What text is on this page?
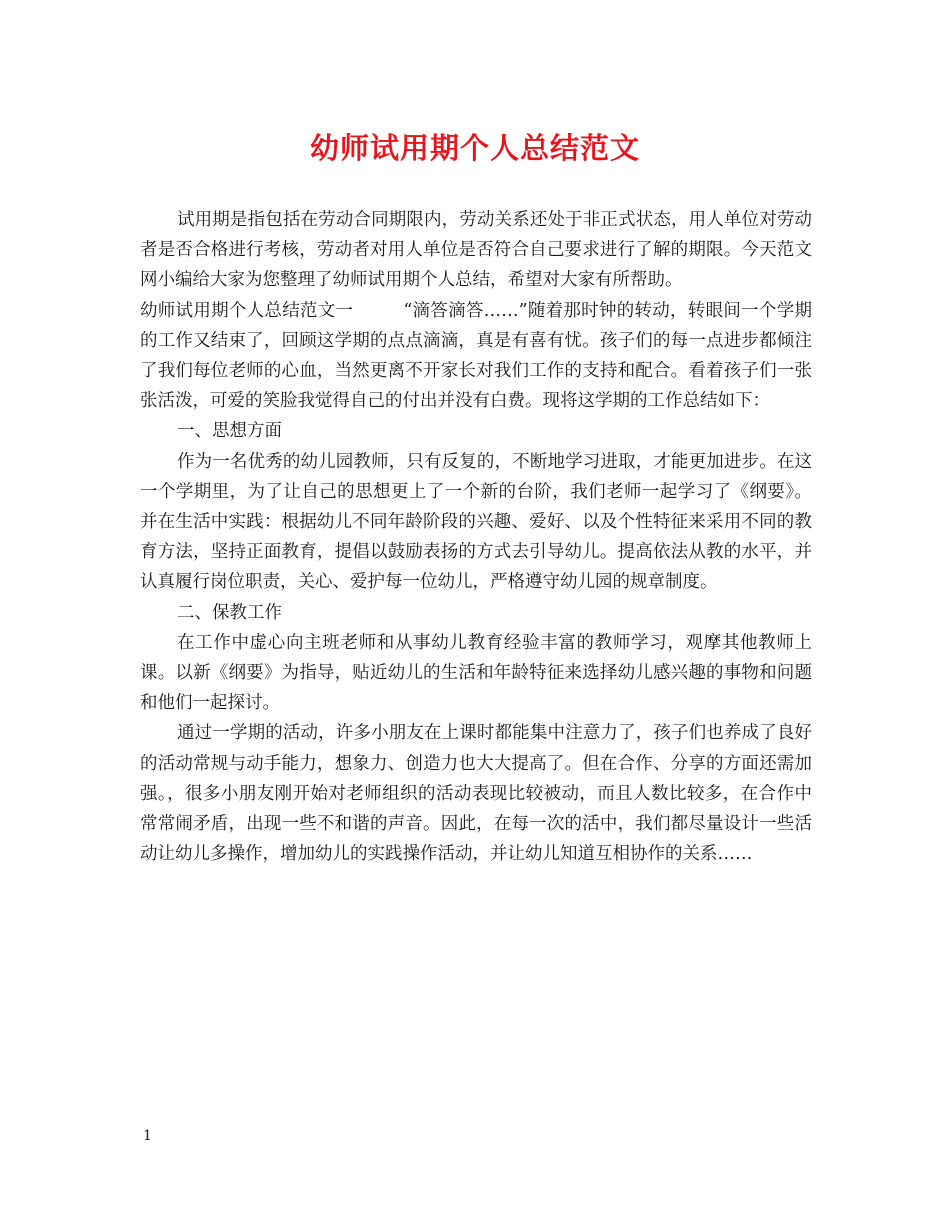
幼师试用期个人总结范文

试用期是指包括在劳动合同期限内，劳动关系还处于非正式状态，用人单位对劳动者是否合格进行考核，劳动者对用人单位是否符合自己要求进行了解的期限。今天范文网小编给大家为您整理了幼师试用期个人总结，希望对大家有所帮助。

幼师试用期个人总结范文一	“滴答滴答……”随着那时钟的转动，转眼间一个学期的工作又结束了，回顾这学期的点点滴滴，真是有喜有忧。孩子们的每一点进步都倾注了我们每位老师的心血，当然更离不开家长对我们工作的支持和配合。看着孩子们一张张活泼，可爱的笑脸我觉得自己的付出并没有白费。现将这学期的工作总结如下：

一、思想方面

作为一名优秀的幼儿园教师，只有反复的，不断地学习进取，才能更加进步。在这一个学期里，为了让自己的思想更上了一个新的台阶，我们老师一起学习了《纲要》。并在生活中实践：根据幼儿不同年龄阶段的兴趣、爱好、以及个性特征来采用不同的教育方法，坚持正面教育，提倡以鼓励表扬的方式去引导幼儿。提高依法从教的水平，并认真履行岗位职责，关心、爱护每一位幼儿，严格遵守幼儿园的规章制度。

二、保教工作

在工作中虚心向主班老师和从事幼儿教育经验丰富的教师学习，观摩其他教师上课。以新《纲要》为指导，贴近幼儿的生活和年龄特征来选择幼儿感兴趣的事物和问题和他们一起探讨。

通过一学期的活动，许多小朋友在上课时都能集中注意力了，孩子们也养成了良好的活动常规与动手能力，想象力、创造力也大大提高了。但在合作、分享的方面还需加强。，很多小朋友刚开始对老师组织的活动表现比较被动，而且人数比较多，在合作中常常闹矛盾，出现一些不和谐的声音。因此，在每一次的活中，我们都尽量设计一些活动让幼儿多操作，增加幼儿的实践操作活动，并让幼儿知道互相协作的关系……

1
